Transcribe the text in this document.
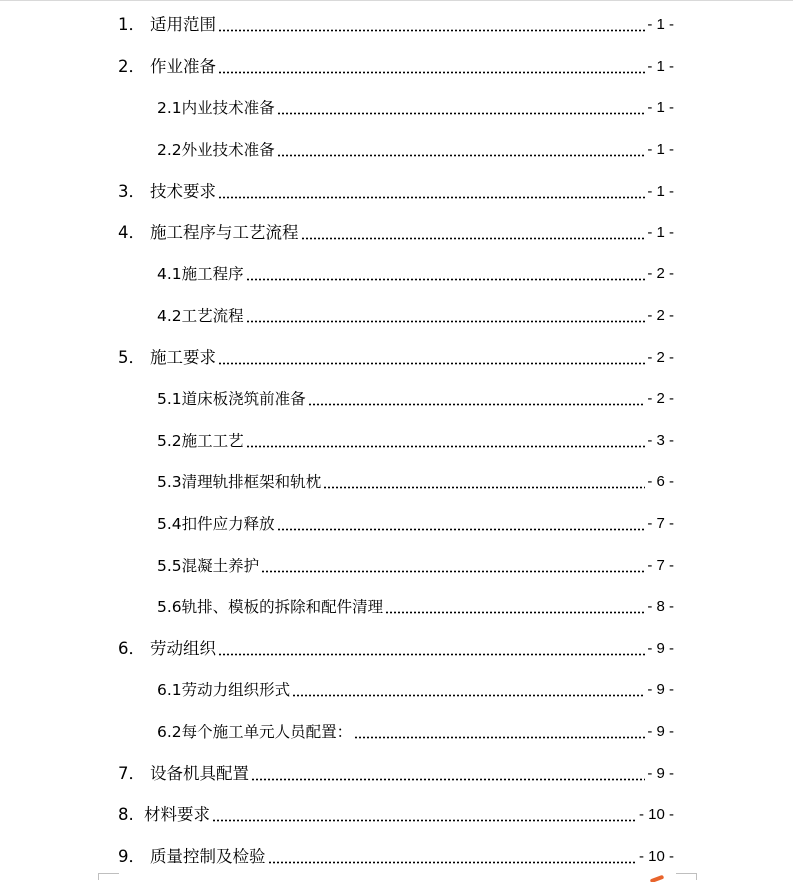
1． 适用范围	- 1 -
2． 作业准备	- 1 -
2.1 内业技术准备	- 1 -
2.2 外业技术准备	- 1 -
3． 技术要求	- 1 -
4． 施工程序与工艺流程	- 1 -
4.1 施工程序	- 2 -
4.2 工艺流程	- 2 -
5． 施工要求	- 2 -
5.1 道床板浇筑前准备	- 2 -
5.2 施工工艺	- 3 -
5.3 清理轨排框架和轨枕	- 6 -
5.4 扣件应力释放	- 7 -
5.5 混凝土养护	- 7 -
5.6 轨排、模板的拆除和配件清理	- 8 -
6． 劳动组织	- 9 -
6.1 劳动力组织形式	- 9 -
6.2 每个施工单元人员配置：	- 9 -
7． 设备机具配置	- 9 -
8. 材料要求	- 10 -
9． 质量控制及检验	- 10 -
